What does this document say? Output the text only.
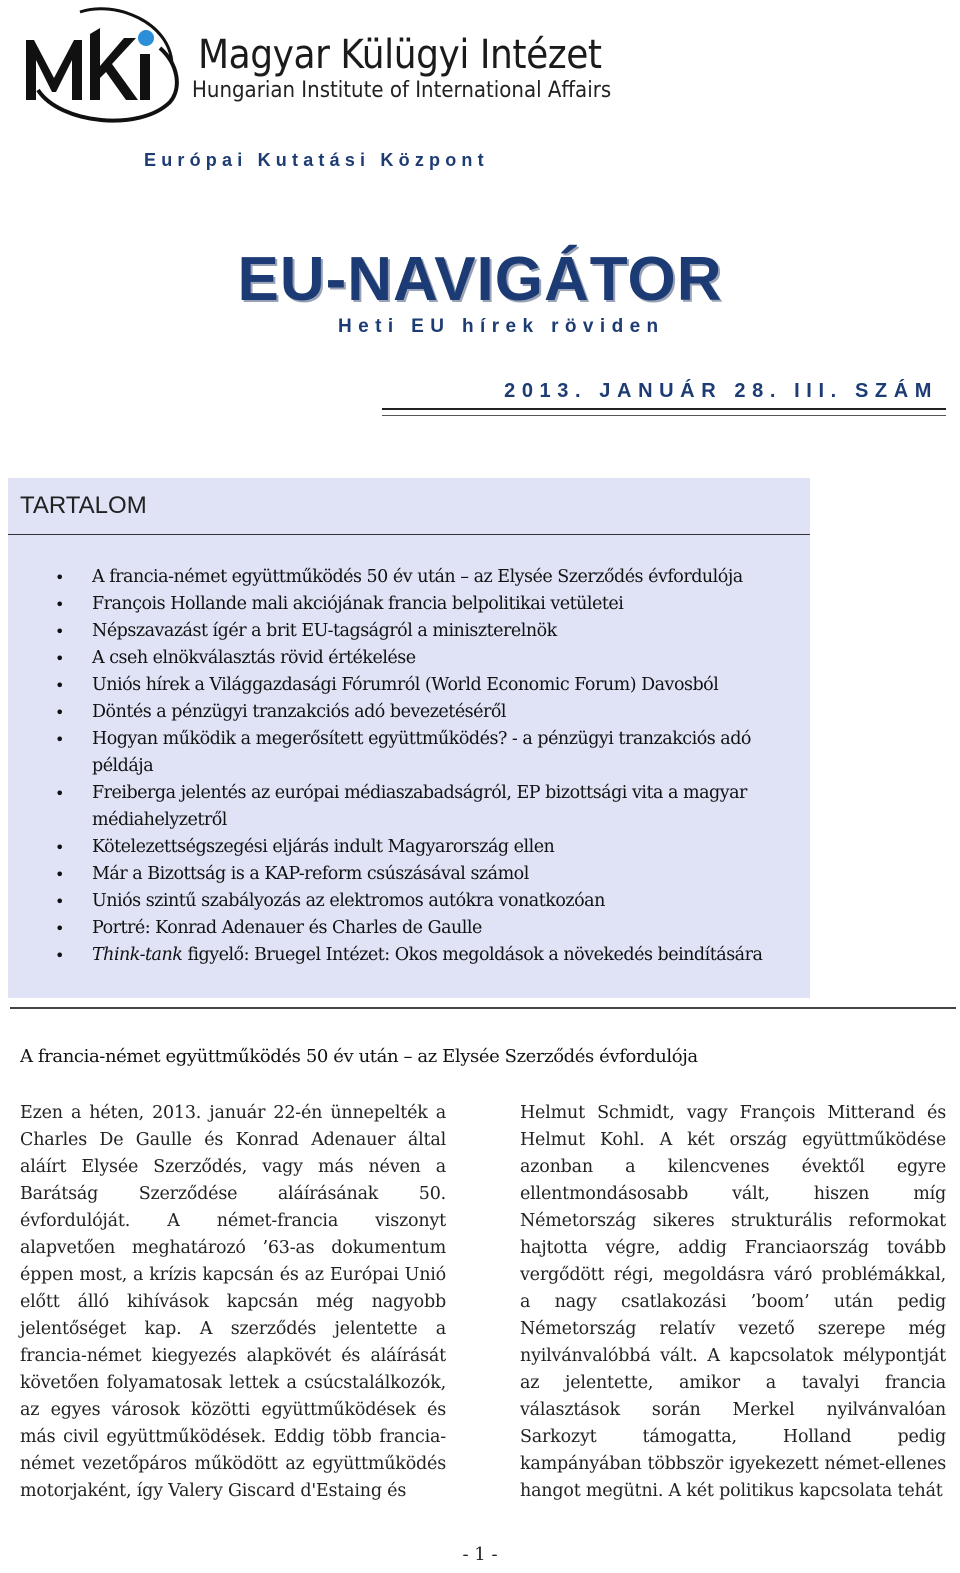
Magyar Külügyi Intézet
Hungarian Institute of International Affairs
Európai Kutatási Központ
EU-NAVIGÁTOR
Heti EU hírek röviden
2013. JANUÁR 28. III. SZÁM
TARTALOM
• A francia-német együttműködés 50 év után – az Elysée Szerződés évfordulója
• François Hollande mali akciójának francia belpolitikai vetületei
• Népszavazást ígér a brit EU-tagságról a miniszterelnök
• A cseh elnökválasztás rövid értékelése
• Uniós hírek a Világgazdasági Fórumról (World Economic Forum) Davosból
• Döntés a pénzügyi tranzakciós adó bevezetéséről
• Hogyan működik a megerősített együttműködés? - a pénzügyi tranzakciós adó példája
• Freiberga jelentés az európai médiaszabadságról, EP bizottsági vita a magyar médiahelyzetről
• Kötelezettségszegési eljárás indult Magyarország ellen
• Már a Bizottság is a KAP-reform csúszásával számol
• Uniós szintű szabályozás az elektromos autókra vonatkozóan
• Portré: Konrad Adenauer és Charles de Gaulle
• Think-tank figyelő: Bruegel Intézet: Okos megoldások a növekedés beindítására
A francia-német együttműködés 50 év után – az Elysée Szerződés évfordulója

Ezen a héten, 2013. január 22-én ünnepelték a Charles De Gaulle és Konrad Adenauer által aláírt Elysée Szerződés, vagy más néven a Barátság Szerződése aláírásának 50. évfordulóját. A német-francia viszonyt alapvetően meghatározó ’63-as dokumentum éppen most, a krízis kapcsán és az Európai Unió előtt álló kihívások kapcsán még nagyobb jelentőséget kap. A szerződés jelentette a francia-német kiegyezés alapkövét és aláírását követően folyamatosak lettek a csúcstalálkozók, az egyes városok közötti együttműködések és más civil együttműködések. Eddig több francia-német vezetőpáros működött az együttműködés motorjaként, így Valery Giscard d'Estaing és

Helmut Schmidt, vagy François Mitterand és Helmut Kohl. A két ország együttműködése azonban a kilencvenes évektől egyre ellentmondásosabb vált, hiszen míg Németország sikeres strukturális reformokat hajtotta végre, addig Franciaország tovább vergődött régi, megoldásra váró problémákkal, a nagy csatlakozási ’boom’ után pedig Németország relatív vezető szerepe még nyilvánvalóbbá vált. A kapcsolatok mélypontját az jelentette, amikor a tavalyi francia választások során Merkel nyilvánvalóan Sarkozyt támogatta, Holland pedig kampányában többször igyekezett német-ellenes hangot megütni. A két politikus kapcsolata tehát

- 1 -
